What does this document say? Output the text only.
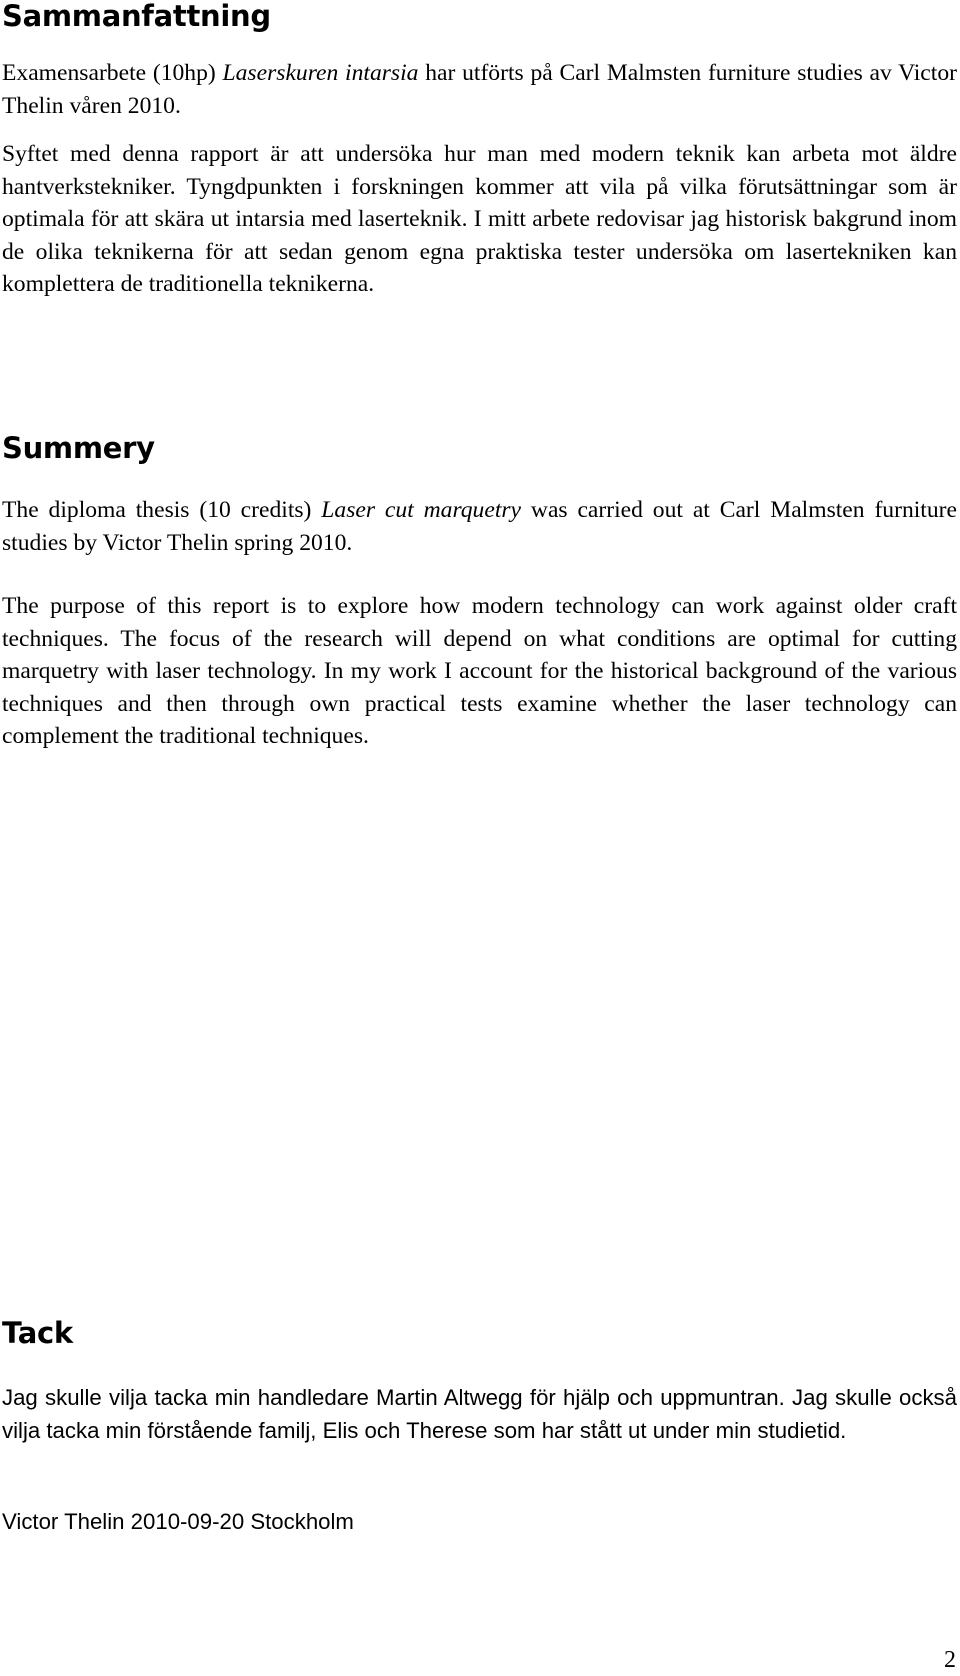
Sammanfattning

Examensarbete (10hp) Laserskuren intarsia har utförts på Carl Malmsten furniture studies av Victor Thelin våren 2010.

Syftet med denna rapport är att undersöka hur man med modern teknik kan arbeta mot äldre hantverkstekniker. Tyngdpunkten i forskningen kommer att vila på vilka förutsättningar som är optimala för att skära ut intarsia med laserteknik. I mitt arbete redovisar jag historisk bakgrund inom de olika teknikerna för att sedan genom egna praktiska tester undersöka om lasertekniken kan komplettera de traditionella teknikerna.

Summery

The diploma thesis (10 credits) Laser cut marquetry was carried out at Carl Malmsten furniture studies by Victor Thelin spring 2010.

The purpose of this report is to explore how modern technology can work against older craft techniques. The focus of the research will depend on what conditions are optimal for cutting marquetry with laser technology. In my work I account for the historical background of the various techniques and then through own practical tests examine whether the laser technology can complement the traditional techniques.

Tack

Jag skulle vilja tacka min handledare Martin Altwegg för hjälp och uppmuntran. Jag skulle också vilja tacka min förstående familj, Elis och Therese som har stått ut under min studietid.

Victor Thelin 2010-09-20 Stockholm

2
